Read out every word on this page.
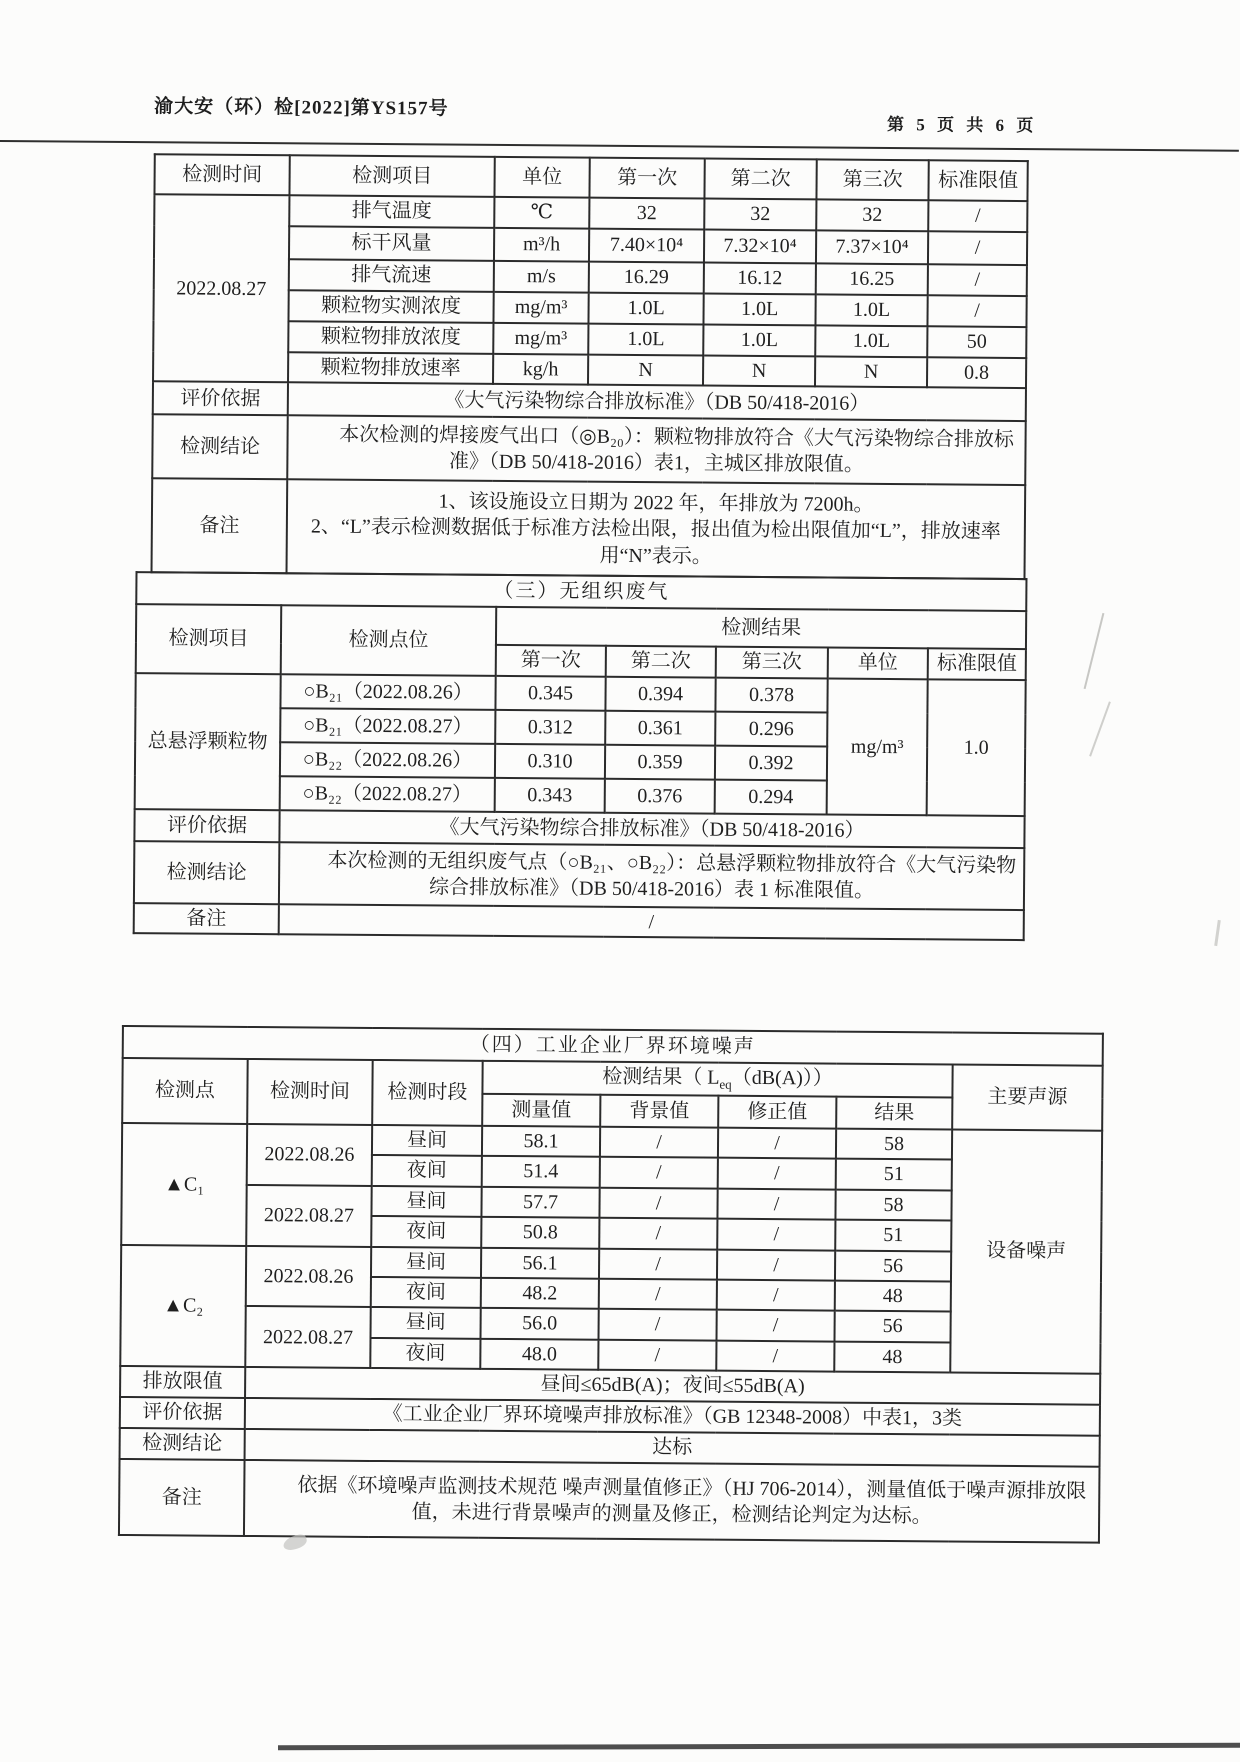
渝大安（环）检[2022]第YS157号
第 5 页 共 6 页
检测时间	检测项目	单位	第一次	第二次	第三次	标准限值
2022.08.27	排气温度	℃	32	32	32	/
	标干风量	m³/h	7.40×10⁴	7.32×10⁴	7.37×10⁴	/
	排气流速	m/s	16.29	16.12	16.25	/
	颗粒物实测浓度	mg/m³	1.0L	1.0L	1.0L	/
	颗粒物排放浓度	mg/m³	1.0L	1.0L	1.0L	50
	颗粒物排放速率	kg/h	N	N	N	0.8
评价依据	《大气污染物综合排放标准》（DB 50/418-2016）					
检测结论	本次检测的焊接废气出口（◎B₂₀）：颗粒物排放符合《大气污染物综合排放标准》（DB 50/418-2016）表1，主城区排放限值。					
备注	1、该设施设立日期为 2022 年，年排放为 7200h。
2、“L”表示检测数据低于标准方法检出限，报出值为检出限值加“L”，排放速率用“N”表示。					
（三）无组织废气						
检测项目	检测点位	检测结果				
		第一次	第二次	第三次	单位	标准限值
总悬浮颗粒物	○B₂₁（2022.08.26）	0.345	0.394	0.378	mg/m³	1.0
	○B₂₁（2022.08.27）	0.312	0.361	0.296		
	○B₂₂（2022.08.26）	0.310	0.359	0.392		
	○B₂₂（2022.08.27）	0.343	0.376	0.294		
评价依据	《大气污染物综合排放标准》（DB 50/418-2016）					
检测结论	本次检测的无组织废气点（○B₂₁、○B₂₂）：总悬浮颗粒物排放符合《大气污染物综合排放标准》（DB 50/418-2016）表 1 标准限值。					
备注	/					
（四）工业企业厂界环境噪声							
检测点	检测时间	检测时段	检测结果（ $L_{eq}(dB(A))$）				主要声源
			测量值	背景值	修正值	结果	
▲C₁	2022.08.26	昼间	58.1	/	/	58	设备噪声
		夜间	51.4	/	/	51	
	2022.08.27	昼间	57.7	/	/	58	
		夜间	50.8	/	/	51	
▲C₂	2022.08.26	昼间	56.1	/	/	56	
		夜间	48.2	/	/	48	
	2022.08.27	昼间	56.0	/	/	56	
		夜间	48.0	/	/	48	
排放限值	昼间≤65dB(A)；夜间≤55dB(A)						
评价依据	《工业企业厂界环境噪声排放标准》（GB 12348-2008）中表1，3类						
检测结论	达标						
备注	依据《环境噪声监测技术规范 噪声测量值修正》（HJ 706-2014），测量值低于噪声源排放限值，未进行背景噪声的测量及修正，检测结论判定为达标。						
